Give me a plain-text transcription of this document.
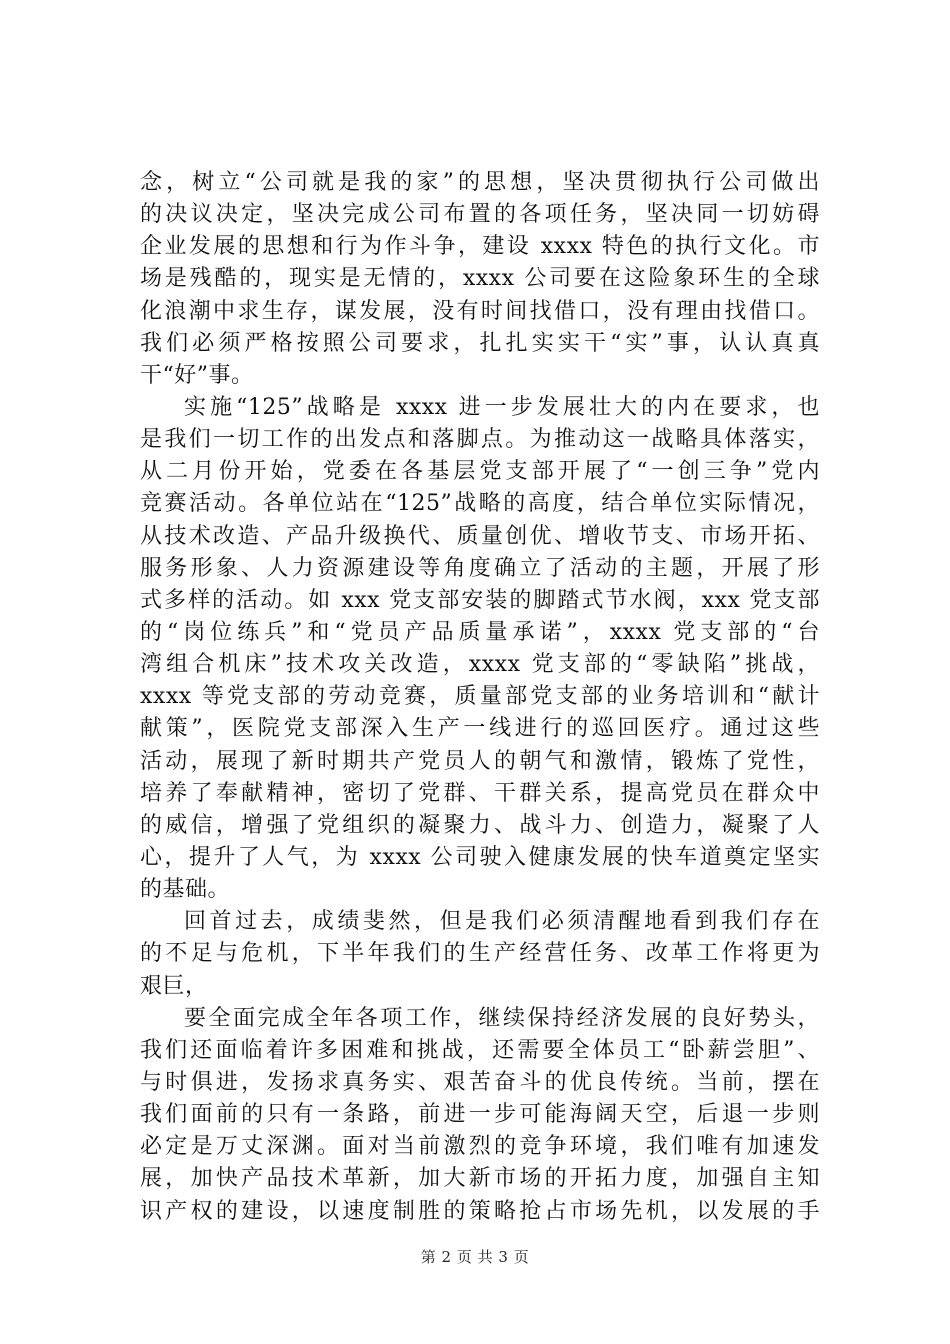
念，树立“公司就是我的家”的思想，坚决贯彻执行公司做出
的决议决定，坚决完成公司布置的各项任务，坚决同一切妨碍
企业发展的思想和行为作斗争，建设 xxxx 特色的执行文化。市
场是残酷的，现实是无情的，xxxx 公司要在这险象环生的全球
化浪潮中求生存，谋发展，没有时间找借口，没有理由找借口。
我们必须严格按照公司要求，扎扎实实干“实”事，认认真真
干“好”事。
实施“125”战略是 xxxx 进一步发展壮大的内在要求，也
是我们一切工作的出发点和落脚点。为推动这一战略具体落实，
从二月份开始，党委在各基层党支部开展了“一创三争”党内
竞赛活动。各单位站在“125”战略的高度，结合单位实际情况，
从技术改造、产品升级换代、质量创优、增收节支、市场开拓、
服务形象、人力资源建设等角度确立了活动的主题，开展了形
式多样的活动。如 xxx 党支部安装的脚踏式节水阀，xxx 党支部
的“岗位练兵”和“党员产品质量承诺”，xxxx 党支部的“台
湾组合机床”技术攻关改造，xxxx 党支部的“零缺陷”挑战，
xxxx 等党支部的劳动竞赛，质量部党支部的业务培训和“献计
献策”，医院党支部深入生产一线进行的巡回医疗。通过这些
活动，展现了新时期共产党员人的朝气和激情，锻炼了党性，
培养了奉献精神，密切了党群、干群关系，提高党员在群众中
的威信，增强了党组织的凝聚力、战斗力、创造力，凝聚了人
心，提升了人气，为 xxxx 公司驶入健康发展的快车道奠定坚实
的基础。
回首过去，成绩斐然，但是我们必须清醒地看到我们存在
的不足与危机，下半年我们的生产经营任务、改革工作将更为
艰巨，
要全面完成全年各项工作，继续保持经济发展的良好势头，
我们还面临着许多困难和挑战，还需要全体员工“卧薪尝胆”、
与时俱进，发扬求真务实、艰苦奋斗的优良传统。当前，摆在
我们面前的只有一条路，前进一步可能海阔天空，后退一步则
必定是万丈深渊。面对当前激烈的竞争环境，我们唯有加速发
展，加快产品技术革新，加大新市场的开拓力度，加强自主知
识产权的建设，以速度制胜的策略抢占市场先机，以发展的手
第 2 页 共 3 页
